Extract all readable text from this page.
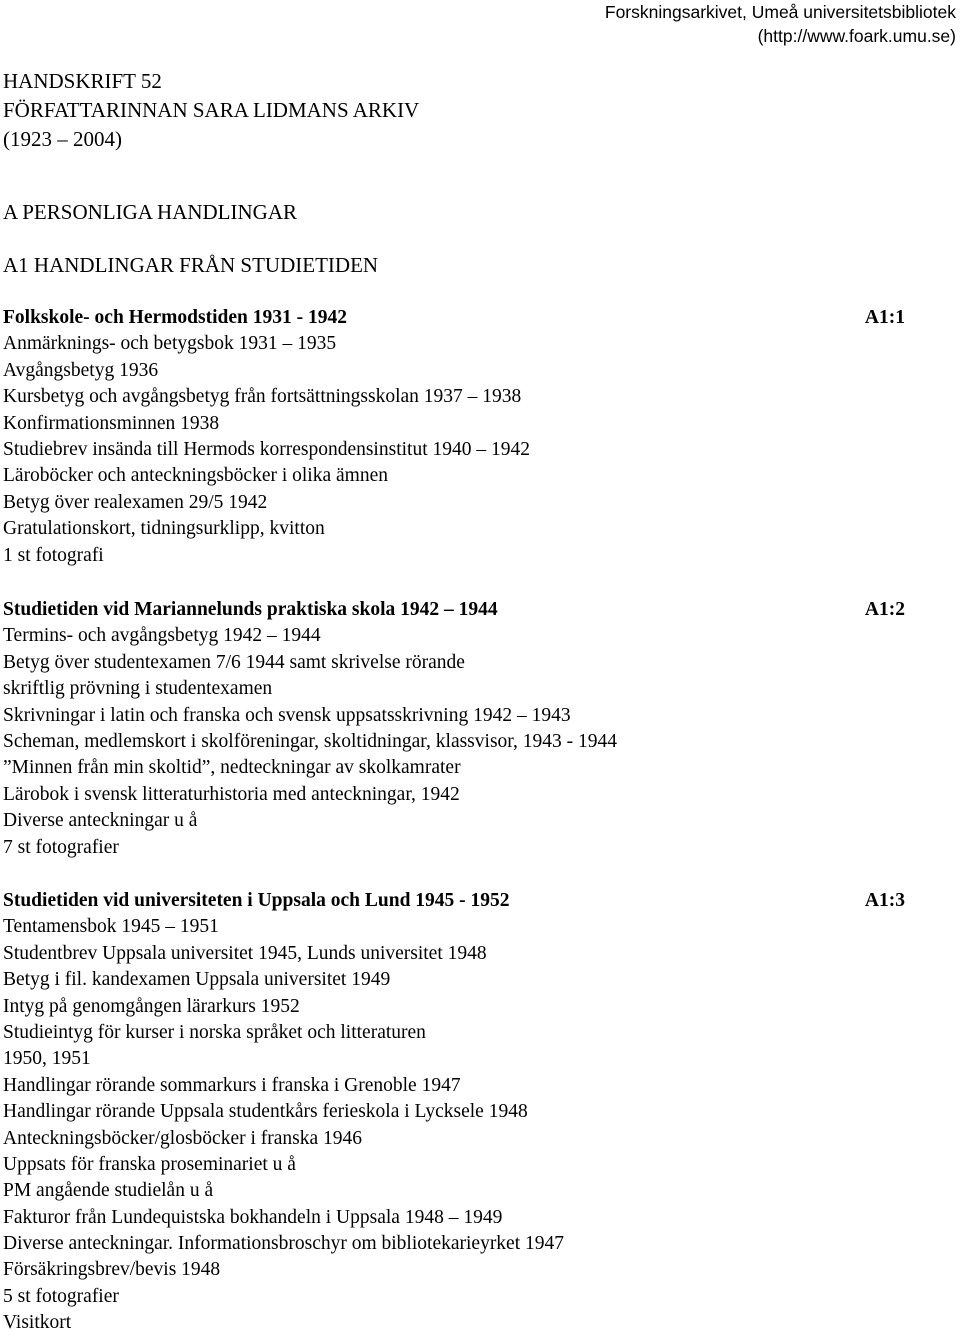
Forskningsarkivet, Umeå universitetsbibliotek
(http://www.foark.umu.se)
HANDSKRIFT 52
FÖRFATTARINNAN SARA LIDMANS ARKIV
(1923 – 2004)
A PERSONLIGA HANDLINGAR
A1 HANDLINGAR FRÅN STUDIETIDEN
Folkskole- och Hermodstiden 1931 - 1942	A1:1
Anmärknings- och betygsbok 1931 – 1935
Avgångsbetyg 1936
Kursbetyg och avgångsbetyg från fortsättningsskolan 1937 – 1938
Konfirmationsminnen 1938
Studiebrev insända till Hermods korrespondensinstitut 1940 – 1942
Läroböcker och anteckningsböcker i olika ämnen
Betyg över realexamen 29/5 1942
Gratulationskort, tidningsurklipp, kvitton
1 st fotografi
Studietiden vid Mariannelunds praktiska skola 1942 – 1944	A1:2
Termins- och avgångsbetyg 1942 – 1944
Betyg över studentexamen 7/6 1944 samt skrivelse rörande
skriftlig prövning i studentexamen
Skrivningar i latin och franska och svensk uppsatsskrivning 1942 – 1943
Scheman, medlemskort i skolföreningar, skoltidningar, klassvisor, 1943 - 1944
”Minnen från min skoltid”, nedteckningar av skolkamrater
Lärobok i svensk litteraturhistoria med anteckningar, 1942
Diverse anteckningar u å
7 st fotografier
Studietiden vid universiteten i Uppsala och Lund 1945 - 1952	A1:3
Tentamensbok 1945 – 1951
Studentbrev Uppsala universitet 1945, Lunds universitet 1948
Betyg i fil. kandexamen Uppsala universitet 1949
Intyg på genomgången lärarkurs 1952
Studieintyg för kurser i norska språket och litteraturen
1950, 1951
Handlingar rörande sommarkurs i franska i Grenoble 1947
Handlingar rörande Uppsala studentkårs ferieskola i Lycksele 1948
Anteckningsböcker/glosböcker i franska 1946
Uppsats för franska proseminariet u å
PM angående studielån u å
Fakturor från Lundequistska bokhandeln i Uppsala 1948 – 1949
Diverse anteckningar. Informationsbroschyr om bibliotekarieyrket 1947
Försäkringsbrev/bevis 1948
5 st fotografier
Visitkort
